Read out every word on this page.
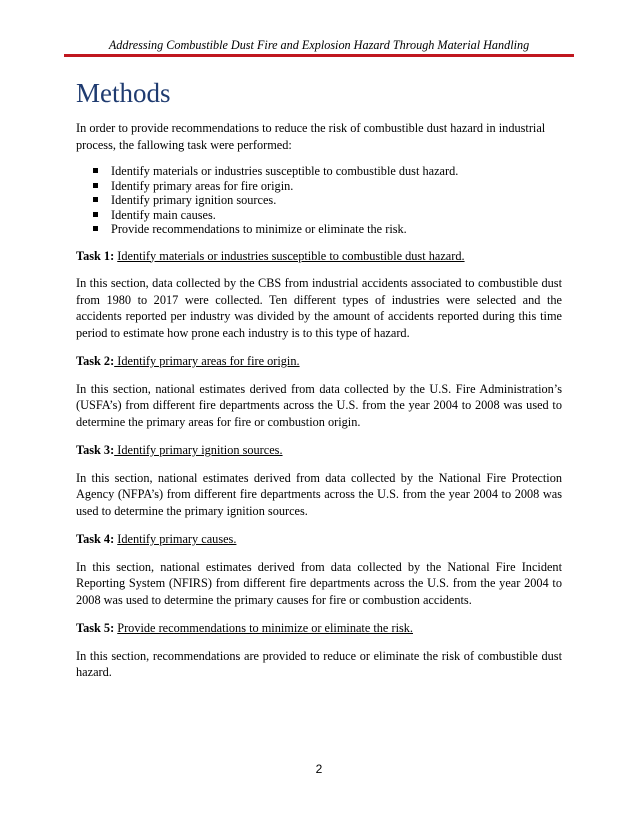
Addressing Combustible Dust Fire and Explosion Hazard Through Material Handling
Methods

In order to provide recommendations to reduce the risk of combustible dust hazard in industrial process, the fallowing task were performed:

Identify materials or industries susceptible to combustible dust hazard.
Identify primary areas for fire origin.
Identify primary ignition sources.
Identify main causes.
Provide recommendations to minimize or eliminate the risk.

Task 1: Identify materials or industries susceptible to combustible dust hazard.

In this section, data collected by the CBS from industrial accidents associated to combustible dust from 1980 to 2017 were collected. Ten different types of industries were selected and the accidents reported per industry was divided by the amount of accidents reported during this time period to estimate how prone each industry is to this type of hazard.

Task 2: Identify primary areas for fire origin.

In this section, national estimates derived from data collected by the U.S. Fire Administration’s (USFA’s) from different fire departments across the U.S. from the year 2004 to 2008 was used to determine the primary areas for fire or combustion origin.

Task 3: Identify primary ignition sources.

In this section, national estimates derived from data collected by the National Fire Protection Agency (NFPA’s) from different fire departments across the U.S. from the year 2004 to 2008 was used to determine the primary ignition sources.

Task 4: Identify primary causes.

In this section, national estimates derived from data collected by the National Fire Incident Reporting System (NFIRS) from different fire departments across the U.S. from the year 2004 to 2008 was used to determine the primary causes for fire or combustion accidents.

Task 5: Provide recommendations to minimize or eliminate the risk.

In this section, recommendations are provided to reduce or eliminate the risk of combustible dust hazard.

2
